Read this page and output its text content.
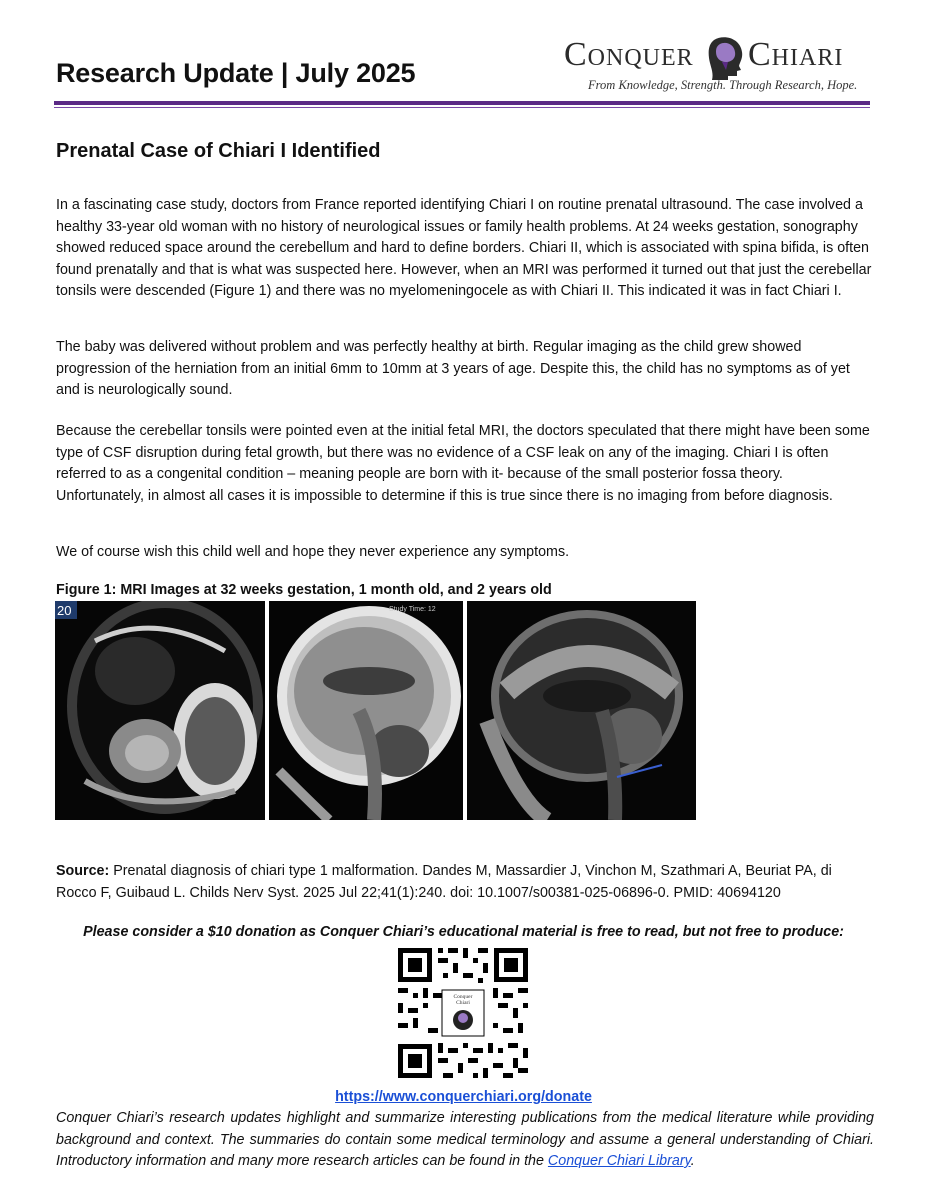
Research Update | July 2025	Conquer Chiari
From Knowledge, Strength. Through Research, Hope.
Prenatal Case of Chiari I Identified

In a fascinating case study, doctors from France reported identifying Chiari I on routine prenatal ultrasound. The case involved a healthy 33-year old woman with no history of neurological issues or family health problems. At 24 weeks gestation, sonography showed reduced space around the cerebellum and hard to define borders. Chiari II, which is associated with spina bifida, is often found prenatally and that is what was suspected here. However, when an MRI was performed it turned out that just the cerebellar tonsils were descended (Figure 1) and there was no myelomeningocele as with Chiari II. This indicated it was in fact Chiari I.

The baby was delivered without problem and was perfectly healthy at birth. Regular imaging as the child grew showed progression of the herniation from an initial 6mm to 10mm at 3 years of age. Despite this, the child has no symptoms as of yet and is neurologically sound.

Because the cerebellar tonsils were pointed even at the initial fetal MRI, the doctors speculated that there might have been some type of CSF disruption during fetal growth, but there was no evidence of a CSF leak on any of the imaging. Chiari I is often referred to as a congenital condition – meaning people are born with it- because of the small posterior fossa theory. Unfortunately, in almost all cases it is impossible to determine if this is true since there is no imaging from before diagnosis.

We of course wish this child well and hope they never experience any symptoms.

Figure 1: MRI Images at 32 weeks gestation, 1 month old, and 2 years old
20	Study Time: 12
Source: Prenatal diagnosis of chiari type 1 malformation. Dandes M, Massardier J, Vinchon M, Szathmari A, Beuriat PA, di Rocco F, Guibaud L. Childs Nerv Syst. 2025 Jul 22;41(1):240. doi: 10.1007/s00381-025-06896-0. PMID: 40694120
Please consider a $10 donation as Conquer Chiari’s educational material is free to read, but not free to produce:
Conquer
Chiari
https://www.conquerchiari.org/donate
Conquer Chiari’s research updates highlight and summarize interesting publications from the medical literature while providing background and context. The summaries do contain some medical terminology and assume a general understanding of Chiari. Introductory information and many more research articles can be found in the Conquer Chiari Library.
